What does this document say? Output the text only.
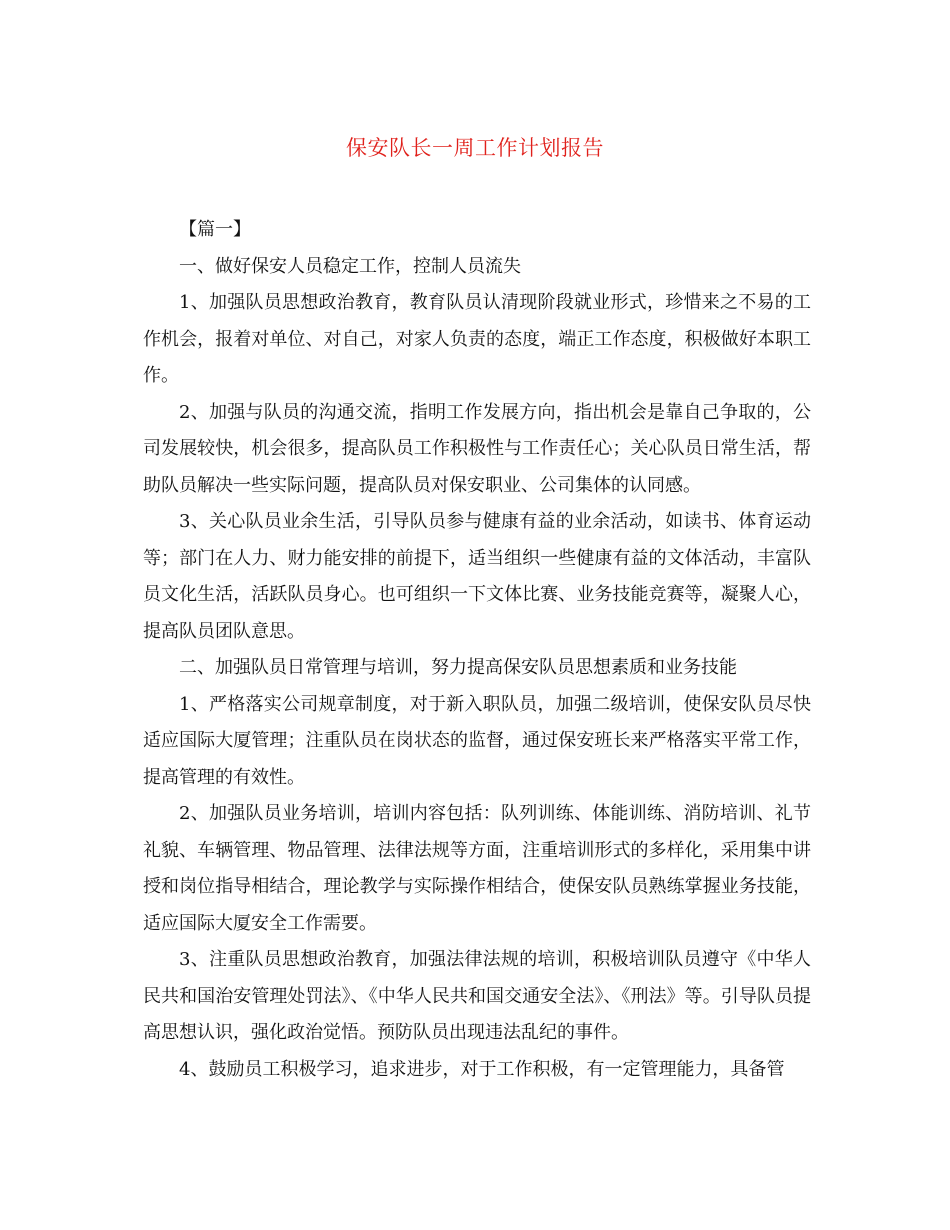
保安队长一周工作计划报告

【篇一】

一、做好保安人员稳定工作，控制人员流失

1、加强队员思想政治教育，教育队员认清现阶段就业形式，珍惜来之不易的工作机会，报着对单位、对自己，对家人负责的态度，端正工作态度，积极做好本职工作。

2、加强与队员的沟通交流，指明工作发展方向，指出机会是靠自己争取的，公司发展较快，机会很多，提高队员工作积极性与工作责任心；关心队员日常生活，帮助队员解决一些实际问题，提高队员对保安职业、公司集体的认同感。

3、关心队员业余生活，引导队员参与健康有益的业余活动，如读书、体育运动等；部门在人力、财力能安排的前提下，适当组织一些健康有益的文体活动，丰富队员文化生活，活跃队员身心。也可组织一下文体比赛、业务技能竞赛等，凝聚人心，提高队员团队意思。

二、加强队员日常管理与培训，努力提高保安队员思想素质和业务技能

1、严格落实公司规章制度，对于新入职队员，加强二级培训，使保安队员尽快适应国际大厦管理；注重队员在岗状态的监督，通过保安班长来严格落实平常工作，提高管理的有效性。

2、加强队员业务培训，培训内容包括：队列训练、体能训练、消防培训、礼节礼貌、车辆管理、物品管理、法律法规等方面，注重培训形式的多样化，采用集中讲授和岗位指导相结合，理论教学与实际操作相结合，使保安队员熟练掌握业务技能，适应国际大厦安全工作需要。

3、注重队员思想政治教育，加强法律法规的培训，积极培训队员遵守《中华人民共和国治安管理处罚法》、《中华人民共和国交通安全法》、《刑法》等。引导队员提高思想认识，强化政治觉悟。预防队员出现违法乱纪的事件。

4、鼓励员工积极学习，追求进步，对于工作积极，有一定管理能力，具备管
